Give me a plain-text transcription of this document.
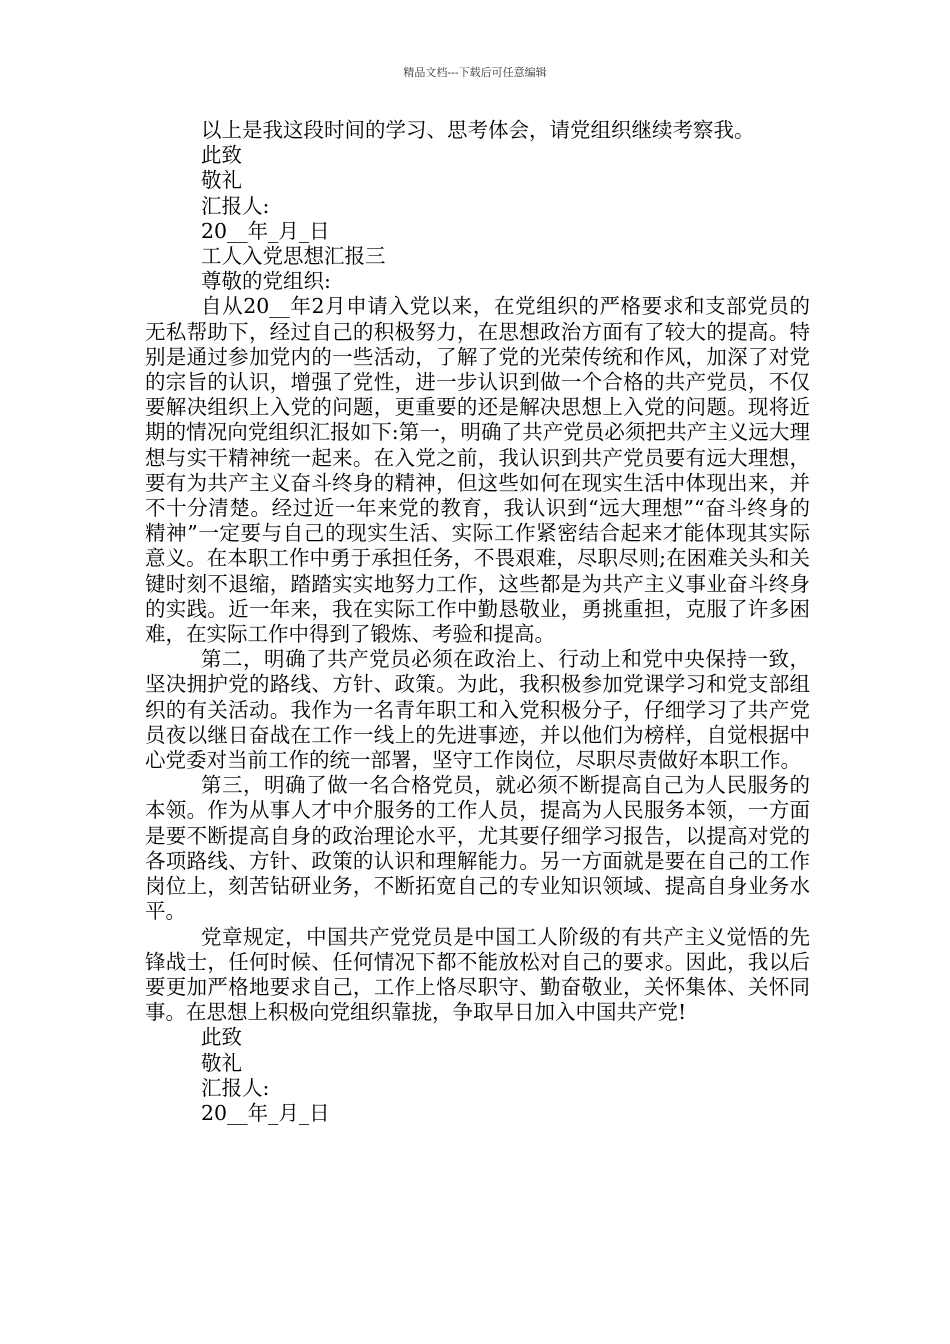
精品文档---下载后可任意编辑

以上是我这段时间的学习、思考体会，请党组织继续考察我。

此致

敬礼

汇报人:

20__年_月_日

工人入党思想汇报三

尊敬的党组织:

自从20__年2月申请入党以来，在党组织的严格要求和支部党员的无私帮助下，经过自己的积极努力，在思想政治方面有了较大的提高。特别是通过参加党内的一些活动，了解了党的光荣传统和作风，加深了对党的宗旨的认识，增强了党性，进一步认识到做一个合格的共产党员，不仅要解决组织上入党的问题，更重要的还是解决思想上入党的问题。现将近期的情况向党组织汇报如下:第一，明确了共产党员必须把共产主义远大理想与实干精神统一起来。在入党之前，我认识到共产党员要有远大理想，要有为共产主义奋斗终身的精神，但这些如何在现实生活中体现出来，并不十分清楚。经过近一年来党的教育，我认识到“远大理想”“奋斗终身的精神”一定要与自己的现实生活、实际工作紧密结合起来才能体现其实际意义。在本职工作中勇于承担任务，不畏艰难，尽职尽则;在困难关头和关键时刻不退缩，踏踏实实地努力工作，这些都是为共产主义事业奋斗终身的实践。近一年来，我在实际工作中勤恳敬业，勇挑重担，克服了许多困难，在实际工作中得到了锻炼、考验和提高。

第二，明确了共产党员必须在政治上、行动上和党中央保持一致，坚决拥护党的路线、方针、政策。为此，我积极参加党课学习和党支部组织的有关活动。我作为一名青年职工和入党积极分子，仔细学习了共产党员夜以继日奋战在工作一线上的先进事迹，并以他们为榜样，自觉根据中心党委对当前工作的统一部署，坚守工作岗位，尽职尽责做好本职工作。

第三，明确了做一名合格党员，就必须不断提高自己为人民服务的本领。作为从事人才中介服务的工作人员，提高为人民服务本领，一方面是要不断提高自身的政治理论水平，尤其要仔细学习报告，以提高对党的各项路线、方针、政策的认识和理解能力。另一方面就是要在自己的工作岗位上，刻苦钻研业务，不断拓宽自己的专业知识领域、提高自身业务水平。

党章规定，中国共产党党员是中国工人阶级的有共产主义觉悟的先锋战士，任何时候、任何情况下都不能放松对自己的要求。因此，我以后要更加严格地要求自己，工作上恪尽职守、勤奋敬业，关怀集体、关怀同事。在思想上积极向党组织靠拢，争取早日加入中国共产党!

此致

敬礼

汇报人:

20__年_月_日
